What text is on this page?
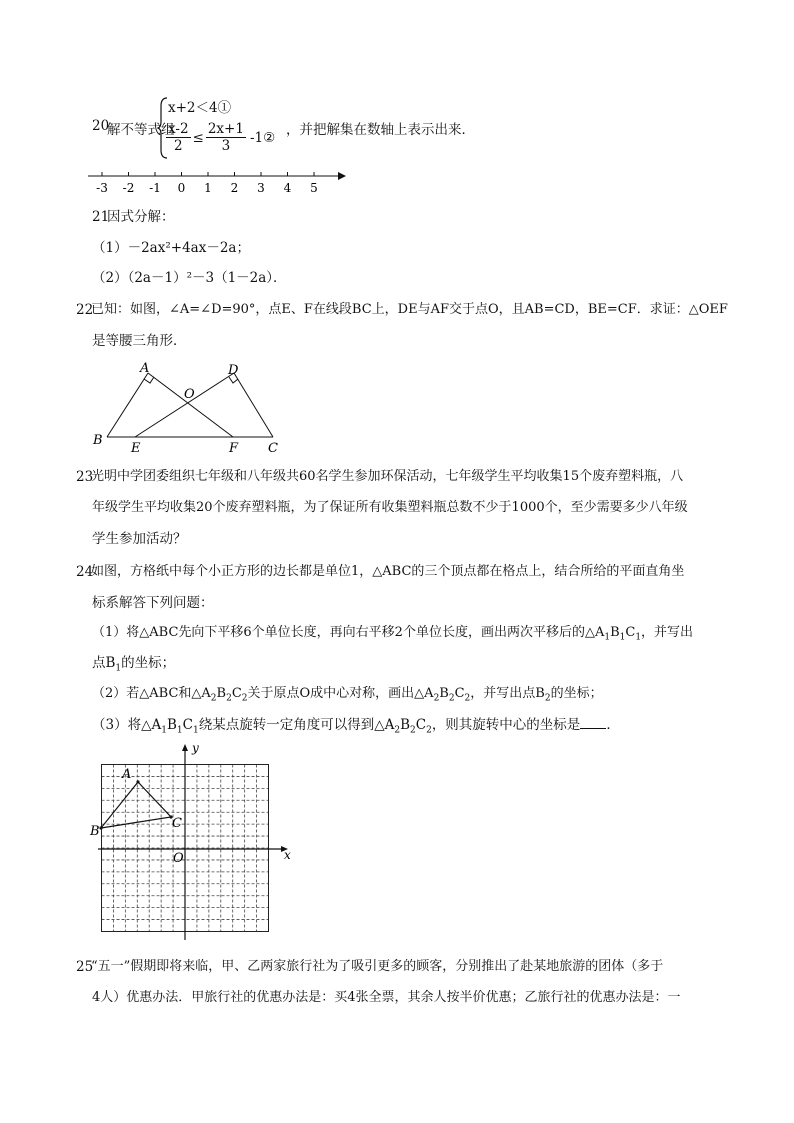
20
解不等式组
x+2＜4①
$\frac{x-2}{2} \le \frac{2x+1}{3}$ -1② ，并把解集在数轴上表示出来．
-3 -2 -1 0 1 2 3 4 5
21
因式分解：
（1）－2ax²+4ax－2a；
（2）（2a－1）²－3（1－2a）．
22
已知：如图，∠A=∠D=90°，点E、F在线段BC上，DE与AF交于点O，且AB=CD，BE=CF．求证：△OEF
是等腰三角形．
A	D
O
B
E	F C
23
光明中学团委组织七年级和八年级共60名学生参加环保活动，七年级学生平均收集15个废弃塑料瓶，八
年级学生平均收集20个废弃塑料瓶，为了保证所有收集塑料瓶总数不少于1000个，至少需要多少八年级
学生参加活动？
24
如图，方格纸中每个小正方形的边长都是单位1，△ABC的三个顶点都在格点上，结合所给的平面直角坐
标系解答下列问题：
（1）将△ABC先向下平移6个单位长度，再向右平移2个单位长度，画出两次平移后的$\triangle A_1B_1C_1$，并写出
点$B_1$的坐标；
（2）若△ABC和$\triangle A_2B_2C_2$关于原点O成中心对称，画出$\triangle A_2B_2C_2$，并写出点$B_2$的坐标；
（3）将$\triangle A_1B_1C_1$绕某点旋转一定角度可以得到$\triangle A_2B_2C_2$，则其旋转中心的坐标是 ．
A
B
C
O	x
y
25
“五一”假期即将来临，甲、乙两家旅行社为了吸引更多的顾客，分别推出了赴某地旅游的团体（多于
4人）优惠办法．甲旅行社的优惠办法是：买4张全票，其余人按半价优惠；乙旅行社的优惠办法是：一
